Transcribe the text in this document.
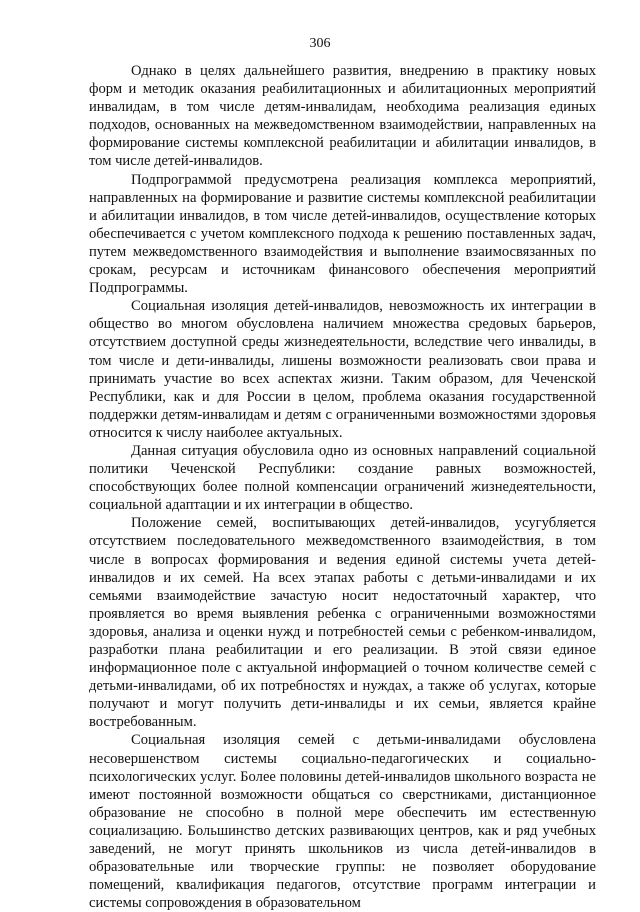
306

Однако в целях дальнейшего развития, внедрению в практику новых форм и методик оказания реабилитационных и абилитационных мероприятий инвалидам, в том числе детям-инвалидам, необходима реализация единых подходов, основанных на межведомственном взаимодействии, направленных на формирование системы комплексной реабилитации и абилитации инвалидов, в том числе детей-инвалидов.

Подпрограммой предусмотрена реализация комплекса мероприятий, направленных на формирование и развитие системы комплексной реабилитации и абилитации инвалидов, в том числе детей-инвалидов, осуществление которых обеспечивается с учетом комплексного подхода к решению поставленных задач, путем межведомственного взаимодействия и выполнение взаимосвязанных по срокам, ресурсам и источникам финансового обеспечения мероприятий Подпрограммы.

Социальная изоляция детей-инвалидов, невозможность их интеграции в общество во многом обусловлена наличием множества средовых барьеров, отсутствием доступной среды жизнедеятельности, вследствие чего инвалиды, в том числе и дети-инвалиды, лишены возможности реализовать свои права и принимать участие во всех аспектах жизни. Таким образом, для Чеченской Республики, как и для России в целом, проблема оказания государственной поддержки детям-инвалидам и детям с ограниченными возможностями здоровья относится к числу наиболее актуальных.

Данная ситуация обусловила одно из основных направлений социальной политики Чеченской Республики: создание равных возможностей, способствующих более полной компенсации ограничений жизнедеятельности, социальной адаптации и их интеграции в общество.

Положение семей, воспитывающих детей-инвалидов, усугубляется отсутствием последовательного межведомственного взаимодействия, в том числе в вопросах формирования и ведения единой системы учета детей-инвалидов и их семей. На всех этапах работы с детьми-инвалидами и их семьями взаимодействие зачастую носит недостаточный характер, что проявляется во время выявления ребенка с ограниченными возможностями здоровья, анализа и оценки нужд и потребностей семьи с ребенком-инвалидом, разработки плана реабилитации и его реализации. В этой связи единое информационное поле с актуальной информацией о точном количестве семей с детьми-инвалидами, об их потребностях и нуждах, а также об услугах, которые получают и могут получить дети-инвалиды и их семьи, является крайне востребованным.

Социальная изоляция семей с детьми-инвалидами обусловлена несовершенством системы социально-педагогических и социально-психологических услуг. Более половины детей-инвалидов школьного возраста не имеют постоянной возможности общаться со сверстниками, дистанционное образование не способно в полной мере обеспечить им естественную социализацию. Большинство детских развивающих центров, как и ряд учебных заведений, не могут принять школьников из числа детей-инвалидов в образовательные или творческие группы: не позволяет оборудование помещений, квалификация педагогов, отсутствие программ интеграции и системы сопровождения в образовательном
